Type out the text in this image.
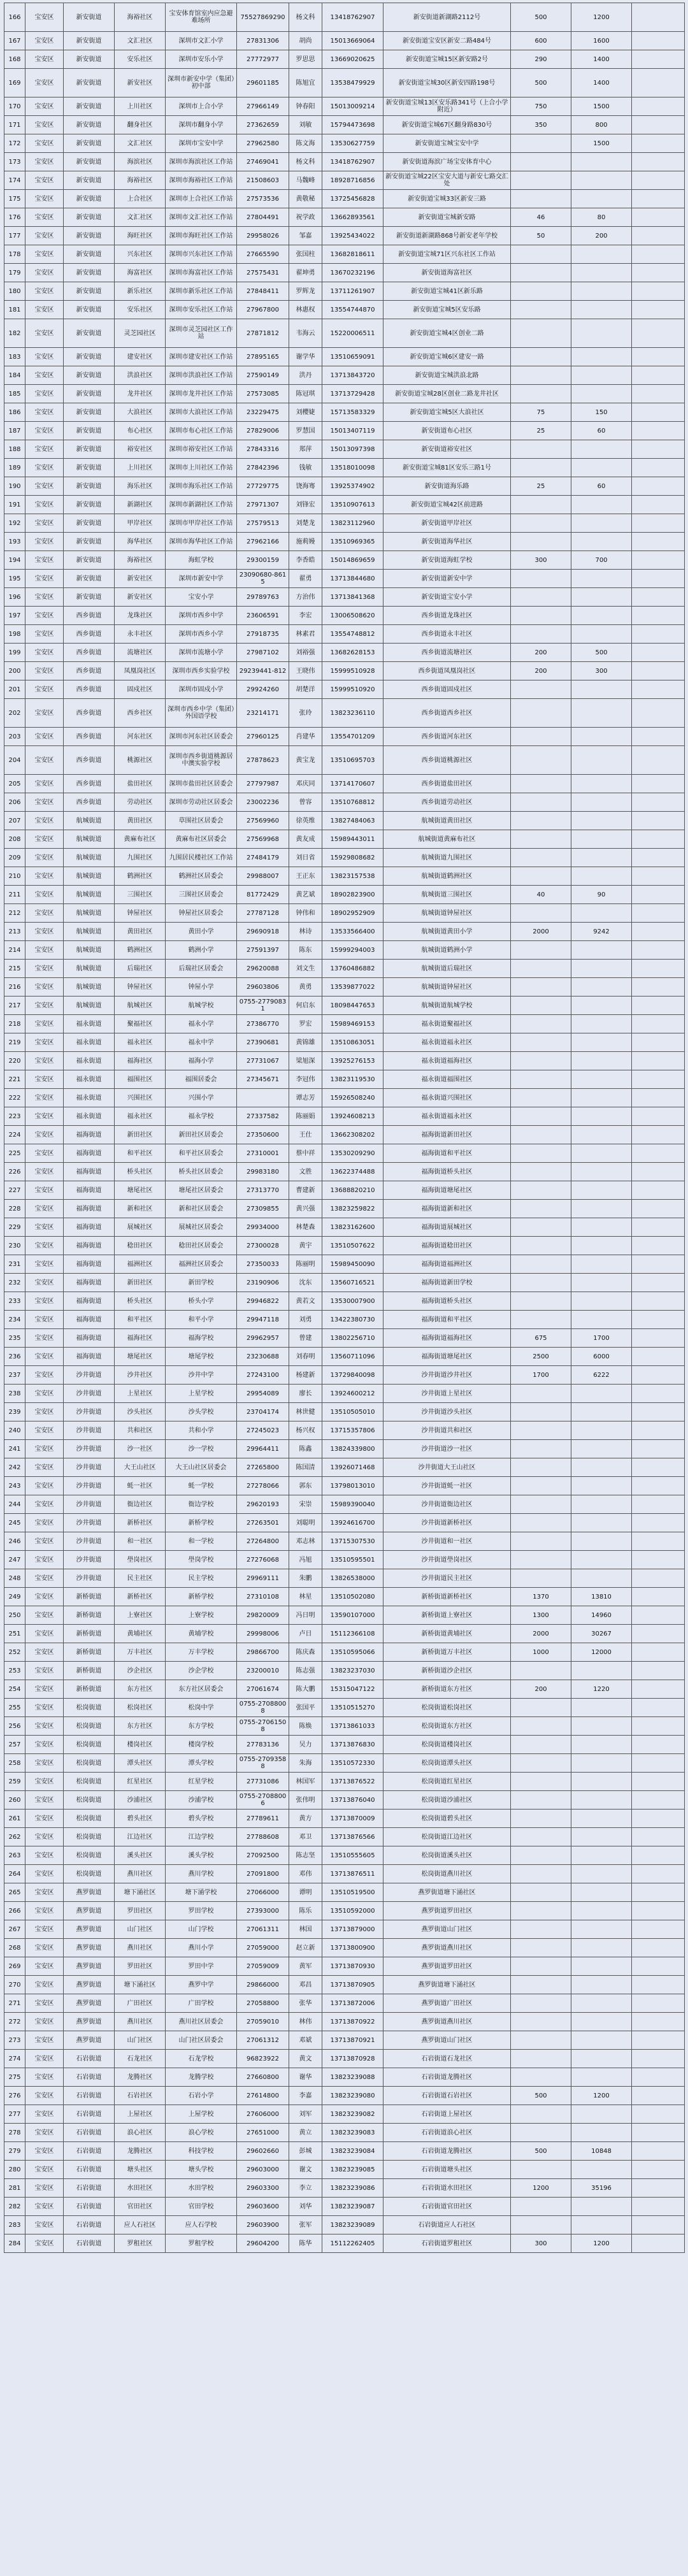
166	宝安区	新安街道	海裕社区	宝安体育馆室内应急避难场所	75527869290	杨文科	13418762907	新安街道新湖路2112号	500	1200	
167	宝安区	新安街道	文汇社区	深圳市文汇小学	27831306	胡尚	15013669064	新安街道宝安区新安二路484号	600	1600	
168	宝安区	新安街道	安乐社区	深圳市安乐小学	27772977	罗思思	13669020625	新安街道宝城15区新安路2号	290	1400	
169	宝安区	新安街道	新安社区	深圳市新安中学（集团）初中部	29601185	陈旭宜	13538479929	新安街道宝城30区新安四路198号	500	1400	
170	宝安区	新安街道	上川社区	深圳市上合小学	27966149	钟春阳	15013009214	新安街道宝城13区安乐路341号（上合小学附近）	750	1500	
171	宝安区	新安街道	翻身社区	深圳市翻身小学	27362659	刘敏	15794473698	新安街道宝城67区翻身路830号	350	800	
172	宝安区	新安街道	文汇社区	深圳市宝安中学	27962580	陈文海	13530627759	新安街道宝城宝安中学		1500	
173	宝安区	新安街道	海滨社区	深圳市海滨社区工作站	27469041	杨文科	13418762907	新安街道海滨广场宝安体育中心			
174	宝安区	新安街道	海裕社区	深圳市海裕社区工作站	21508603	马魏峰	18928716856	新安街道宝城22区宝安大道与新安七路交汇处			
175	宝安区	新安街道	上合社区	深圳市上合社区工作站	27573536	黄敬秘	13725456828	新安街道宝城33区新安三路			
176	宝安区	新安街道	文汇社区	深圳市文汇社区工作站	27804491	祝学政	13662893561	新安街道宝城新安路	46	80	
177	宝安区	新安街道	海旺社区	深圳市海旺社区工作站	29958026	邹嘉	13925434022	新安街道新湖路868号新安老年学校	50	200	
178	宝安区	新安街道	兴东社区	深圳市兴东社区工作站	27665590	张国柱	13682818611	新安街道宝城71区兴东社区工作站			
179	宝安区	新安街道	海富社区	深圳市海富社区工作站	27575431	翟坤勇	13670232196	新安街道海富社区			
180	宝安区	新安街道	新乐社区	深圳市新乐社区工作站	27848411	罗辉龙	13711261907	新安街道宝城41区新乐路			
181	宝安区	新安街道	安乐社区	深圳市安乐社区工作站	27967800	林惠权	13554744870	新安街道宝城5区安乐路			
182	宝安区	新安街道	灵芝园社区	深圳市灵芝园社区工作站	27871812	韦海云	15220006511	新安街道宝城4区创业二路			
183	宝安区	新安街道	建安社区	深圳市建安社区工作站	27895165	谢学华	13510659091	新安街道宝城6区建安一路			
184	宝安区	新安街道	洪浪社区	深圳市洪浪社区工作站	27590149	洪丹	13713843720	新安街道宝城洪浪北路			
185	宝安区	新安街道	龙井社区	深圳市龙井社区工作站	27573085	陈冠琪	13713729428	新安街道宝城28区创业二路龙井社区			
186	宝安区	新安街道	大浪社区	深圳市大浪社区工作站	23229475	刘樱婕	15713583329	新安街道宝城5区大浪社区	75	150	
187	宝安区	新安街道	布心社区	深圳市布心社区工作站	27829006	罗慧国	15013407119	新安街道布心社区	25	60	
188	宝安区	新安街道	裕安社区	深圳市裕安社区工作站	27843316	郑萍	15013097398	新安街道裕安社区			
189	宝安区	新安街道	上川社区	深圳市上川社区工作站	27842396	钱敏	13518010098	新安街道宝城81区安乐三路1号			
190	宝安区	新安街道	海乐社区	深圳市海乐社区工作站	27729775	饶海骞	13925374902	新安街道海乐路	25	60	
191	宝安区	新安街道	新湖社区	深圳市新湖社区工作站	27971307	刘锋宏	13510907613	新安街道宝城42区前进路			
192	宝安区	新安街道	甲岸社区	深圳市甲岸社区工作站	27579513	刘楚龙	13823112960	新安街道甲岸社区			
193	宝安区	新安街道	海华社区	深圳市海华社区工作站	27962166	施莉嫚	13510969365	新安街道海华社区			
194	宝安区	新安街道	海裕社区	海虹学校	29300159	李香皓	15014869659	新安街道海虹学校	300	700	
195	宝安区	新安街道	新安社区	深圳市新安中学	23090680-8615	翟勇	13713844680	新安街道新安中学			
196	宝安区	新安街道	新安社区	宝安小学	29789763	方治伟	13713841368	新安街道宝安小学			
197	宝安区	西乡街道	龙珠社区	深圳市西乡中学	23606591	李宏	13006508620	西乡街道龙珠社区			
198	宝安区	西乡街道	永丰社区	深圳市西乡小学	27918735	林素君	13554748812	西乡街道永丰社区			
199	宝安区	西乡街道	流塘社区	深圳市流塘小学	27987102	刘裕强	13682628153	西乡街道流塘社区	200	500	
200	宝安区	西乡街道	凤凰岗社区	深圳市西乡实验学校	29239441-812	王晓伟	15999510928	西乡街道凤凰岗社区	200	300	
201	宝安区	西乡街道	固戍社区	深圳市固戍小学	29924260	胡楚洋	15999510920	西乡街道固戍社区			
202	宝安区	西乡街道	西乡社区	深圳市西乡中学（集团）外国语学校	23214171	张玲	13823236110	西乡街道西乡社区			
203	宝安区	西乡街道	河东社区	深圳市河东社区居委会	27960125	肖建华	13554701209	西乡街道河东社区			
204	宝安区	西乡街道	桃源社区	深圳市西乡街道桃源居中澳实验学校	27878623	黄宝龙	13510695703	西乡街道桃源社区			
205	宝安区	西乡街道	盐田社区	深圳市盐田社区居委会	27797987	邓庆同	13714170607	西乡街道盐田社区			
206	宝安区	西乡街道	劳动社区	深圳市劳动社区居委会	23002236	曾容	13510768812	西乡街道劳动社区			
207	宝安区	航城街道	黄田社区	草围社区居委会	27569960	徐英维	13827484063	航城街道黄田社区			
208	宝安区	航城街道	黄麻布社区	黄麻布社区居委会	27569968	黄友成	15989443011	航城街道黄麻布社区			
209	宝安区	航城街道	九围社区	九围居民楼社区工作站	27484179	刘日省	15929808682	航城街道九围社区			
210	宝安区	航城街道	鹤洲社区	鹤洲社区居委会	29988007	王正东	13823157538	航城街道鹤洲社区			
211	宝安区	航城街道	三围社区	三围社区居委会	81772429	黄艺斌	18902823900	航城街道三围社区	40	90	
212	宝安区	航城街道	钟屋社区	钟屋社区居委会	27787128	钟伟和	18902952909	航城街道钟屋社区			
213	宝安区	航城街道	黄田社区	黄田小学	29690918	林诗	13533566400	航城街道黄田小学	2000	9242	
214	宝安区	航城街道	鹤洲社区	鹤洲小学	27591397	陈东	15999294003	航城街道鹤洲小学			
215	宝安区	航城街道	后瑞社区	后瑞社区居委会	29620088	刘文生	13760486882	航城街道后瑞社区			
216	宝安区	航城街道	钟屋社区	钟屋小学	29603806	黄勇	13539877022	航城街道钟屋社区			
217	宝安区	航城街道	航城社区	航城学校	0755-27790831	何启东	18098447653	航城街道航城学校			
218	宝安区	福永街道	聚福社区	福永小学	27386770	罗宏	15989469153	福永街道聚福社区			
219	宝安区	福永街道	福永社区	福永中学	27390681	黄锦雄	13510863051	福永街道福永社区			
220	宝安区	福永街道	福海社区	福海小学	27731067	梁旭深	13925276153	福永街道福海社区			
221	宝安区	福永街道	福围社区	福围居委会	27345671	李冠伟	13823119530	福永街道福围社区			
222	宝安区	福永街道	兴围社区	兴围小学		谭志芳	15926508240	福永街道兴围社区			
223	宝安区	福永街道	福永社区	福永学校	27337582	陈丽娟	13924608213	福永街道福永社区			
224	宝安区	福海街道	新田社区	新田社区居委会	27350600	王仕	13662308202	福海街道新田社区			
225	宝安区	福海街道	和平社区	和平社区居委会	27310001	蔡中祥	13530209290	福海街道和平社区			
226	宝安区	福海街道	桥头社区	桥头社区居委会	29983180	文胜	13622374488	福海街道桥头社区			
227	宝安区	福海街道	塘尾社区	塘尾社区居委会	27313770	曹建新	13688820210	福海街道塘尾社区			
228	宝安区	福海街道	新和社区	新和社区居委会	27309855	黄兴强	13823259822	福海街道新和社区			
229	宝安区	福海街道	展城社区	展城社区居委会	29934000	林楚森	13823162600	福海街道展城社区			
230	宝安区	福海街道	稔田社区	稔田社区居委会	27300028	黄宇	13510507622	福海街道稔田社区			
231	宝安区	福海街道	福洲社区	福洲社区居委会	27350033	陈丽明	15989450090	福海街道福洲社区			
232	宝安区	福海街道	新田社区	新田学校	23190906	沈东	13560716521	福海街道新田学校			
233	宝安区	福海街道	桥头社区	桥头小学	29946822	黄若文	13530007900	福海街道桥头社区			
234	宝安区	福海街道	和平社区	和平小学	29947118	刘勇	13422380730	福海街道和平社区			
235	宝安区	福海街道	福海社区	福海学校	29962957	曾建	13802256710	福海街道福海社区	675	1700	
236	宝安区	福海街道	塘尾社区	塘尾学校	23230688	刘春明	13560711096	福海街道塘尾社区	2500	6000	
237	宝安区	沙井街道	沙井社区	沙井中学	27243100	杨建新	13729840098	沙井街道沙井社区	1700	6222	
238	宝安区	沙井街道	上星社区	上星学校	29954089	廖长	13924600212	沙井街道上星社区			
239	宝安区	沙井街道	沙头社区	沙头学校	23704174	林世健	13510505010	沙井街道沙头社区			
240	宝安区	沙井街道	共和社区	共和小学	27245023	杨兴权	13715357806	沙井街道共和社区			
241	宝安区	沙井街道	沙一社区	沙一学校	29964411	陈鑫	13824339800	沙井街道沙一社区			
242	宝安区	沙井街道	大王山社区	大王山社区居委会	27265800	陈国清	13926071468	沙井街道大王山社区			
243	宝安区	沙井街道	蚝一社区	蚝一学校	27278066	郭东	13798013010	沙井街道蚝一社区			
244	宝安区	沙井街道	衙边社区	衙边学校	29620193	宋崇	15989390040	沙井街道衙边社区			
245	宝安区	沙井街道	新桥社区	新桥学校	27263501	刘聪明	13924616700	沙井街道新桥社区			
246	宝安区	沙井街道	和一社区	和一学校	27264800	邓志林	13715307530	沙井街道和一社区			
247	宝安区	沙井街道	壆岗社区	壆岗学校	27276068	冯旭	13510595501	沙井街道壆岗社区			
248	宝安区	沙井街道	民主社区	民主学校	29969111	朱鹏	13826538000	沙井街道民主社区			
249	宝安区	新桥街道	新桥社区	新桥学校	27310108	林星	13510502080	新桥街道新桥社区	1370	13810	
250	宝安区	新桥街道	上寮社区	上寮学校	29820009	冯日明	13590107000	新桥街道上寮社区	1300	14960	
251	宝安区	新桥街道	黄埔社区	黄埔学校	29998006	卢日	15112366108	新桥街道黄埔社区	2000	30267	
252	宝安区	新桥街道	万丰社区	万丰学校	29866700	陈庆森	13510595066	新桥街道万丰社区	1000	12000	
253	宝安区	新桥街道	沙企社区	沙企学校	23200010	陈志强	13823237030	新桥街道沙企社区			
254	宝安区	新桥街道	东方社区	东方社区居委会	27061674	陈大鹏	15315047122	新桥街道东方社区	200	1220	
255	宝安区	松岗街道	松岗社区	松岗中学	0755-27088008	张国平	13510515270	松岗街道松岗社区			
256	宝安区	松岗街道	东方社区	东方学校	0755-27061508	陈焕	13713861033	松岗街道东方社区			
257	宝安区	松岗街道	楼岗社区	楼岗学校	27783136	吴力	13713876830	松岗街道楼岗社区			
258	宝安区	松岗街道	潭头社区	潭头学校	0755-27093588	朱海	13510572330	松岗街道潭头社区			
259	宝安区	松岗街道	红星社区	红星学校	27731086	林国军	13713876522	松岗街道红星社区			
260	宝安区	松岗街道	沙浦社区	沙浦学校	0755-27088006	张伟明	13713876040	松岗街道沙浦社区			
261	宝安区	松岗街道	碧头社区	碧头学校	27789611	黄方	13713870009	松岗街道碧头社区			
262	宝安区	松岗街道	江边社区	江边学校	27788608	邓卫	13713876566	松岗街道江边社区			
263	宝安区	松岗街道	溪头社区	溪头学校	27092500	陈志坚	13510555605	松岗街道溪头社区			
264	宝安区	松岗街道	燕川社区	燕川学校	27091800	邓伟	13713876511	松岗街道燕川社区			
265	宝安区	燕罗街道	塘下涌社区	塘下涌学校	27066000	谭明	13510519500	燕罗街道塘下涌社区			
266	宝安区	燕罗街道	罗田社区	罗田学校	27393000	陈乐	13510592000	燕罗街道罗田社区			
267	宝安区	燕罗街道	山门社区	山门学校	27061311	林国	13713879000	燕罗街道山门社区			
268	宝安区	燕罗街道	燕川社区	燕川小学	27059000	赵立新	13713800900	燕罗街道燕川社区			
269	宝安区	燕罗街道	罗田社区	罗田中学	27059009	黄军	13713870930	燕罗街道罗田社区			
270	宝安区	燕罗街道	塘下涌社区	燕罗中学	29866000	邓昌	13713870905	燕罗街道塘下涌社区			
271	宝安区	燕罗街道	广田社区	广田学校	27058800	张华	13713872006	燕罗街道广田社区			
272	宝安区	燕罗街道	燕川社区	燕川社区居委会	27059010	林伟	13713870922	燕罗街道燕川社区			
273	宝安区	燕罗街道	山门社区	山门社区居委会	27061312	邓斌	13713870921	燕罗街道山门社区			
274	宝安区	石岩街道	石龙社区	石龙学校	96823922	黄文	13713870928	石岩街道石龙社区			
275	宝安区	石岩街道	龙腾社区	龙腾学校	27660800	谢华	13823239088	石岩街道龙腾社区			
276	宝安区	石岩街道	石岩社区	石岩小学	27614800	李嘉	13823239080	石岩街道石岩社区	500	1200	
277	宝安区	石岩街道	上屋社区	上屋学校	27606000	刘军	13823239082	石岩街道上屋社区			
278	宝安区	石岩街道	浪心社区	浪心学校	27651000	黄立	13823239083	石岩街道浪心社区			
279	宝安区	石岩街道	龙腾社区	科技学校	29602660	彭城	13823239084	石岩街道龙腾社区	500	10848	
280	宝安区	石岩街道	塘头社区	塘头学校	29603000	谢文	13823239085	石岩街道塘头社区			
281	宝安区	石岩街道	水田社区	水田学校	29603300	李立	13823239086	石岩街道水田社区	1200	35196	
282	宝安区	石岩街道	官田社区	官田学校	29603600	刘华	13823239087	石岩街道官田社区			
283	宝安区	石岩街道	应人石社区	应人石学校	29603900	张军	13823239089	石岩街道应人石社区			
284	宝安区	石岩街道	罗租社区	罗租学校	29604200	陈华	15112262405	石岩街道罗租社区	300	1200	
